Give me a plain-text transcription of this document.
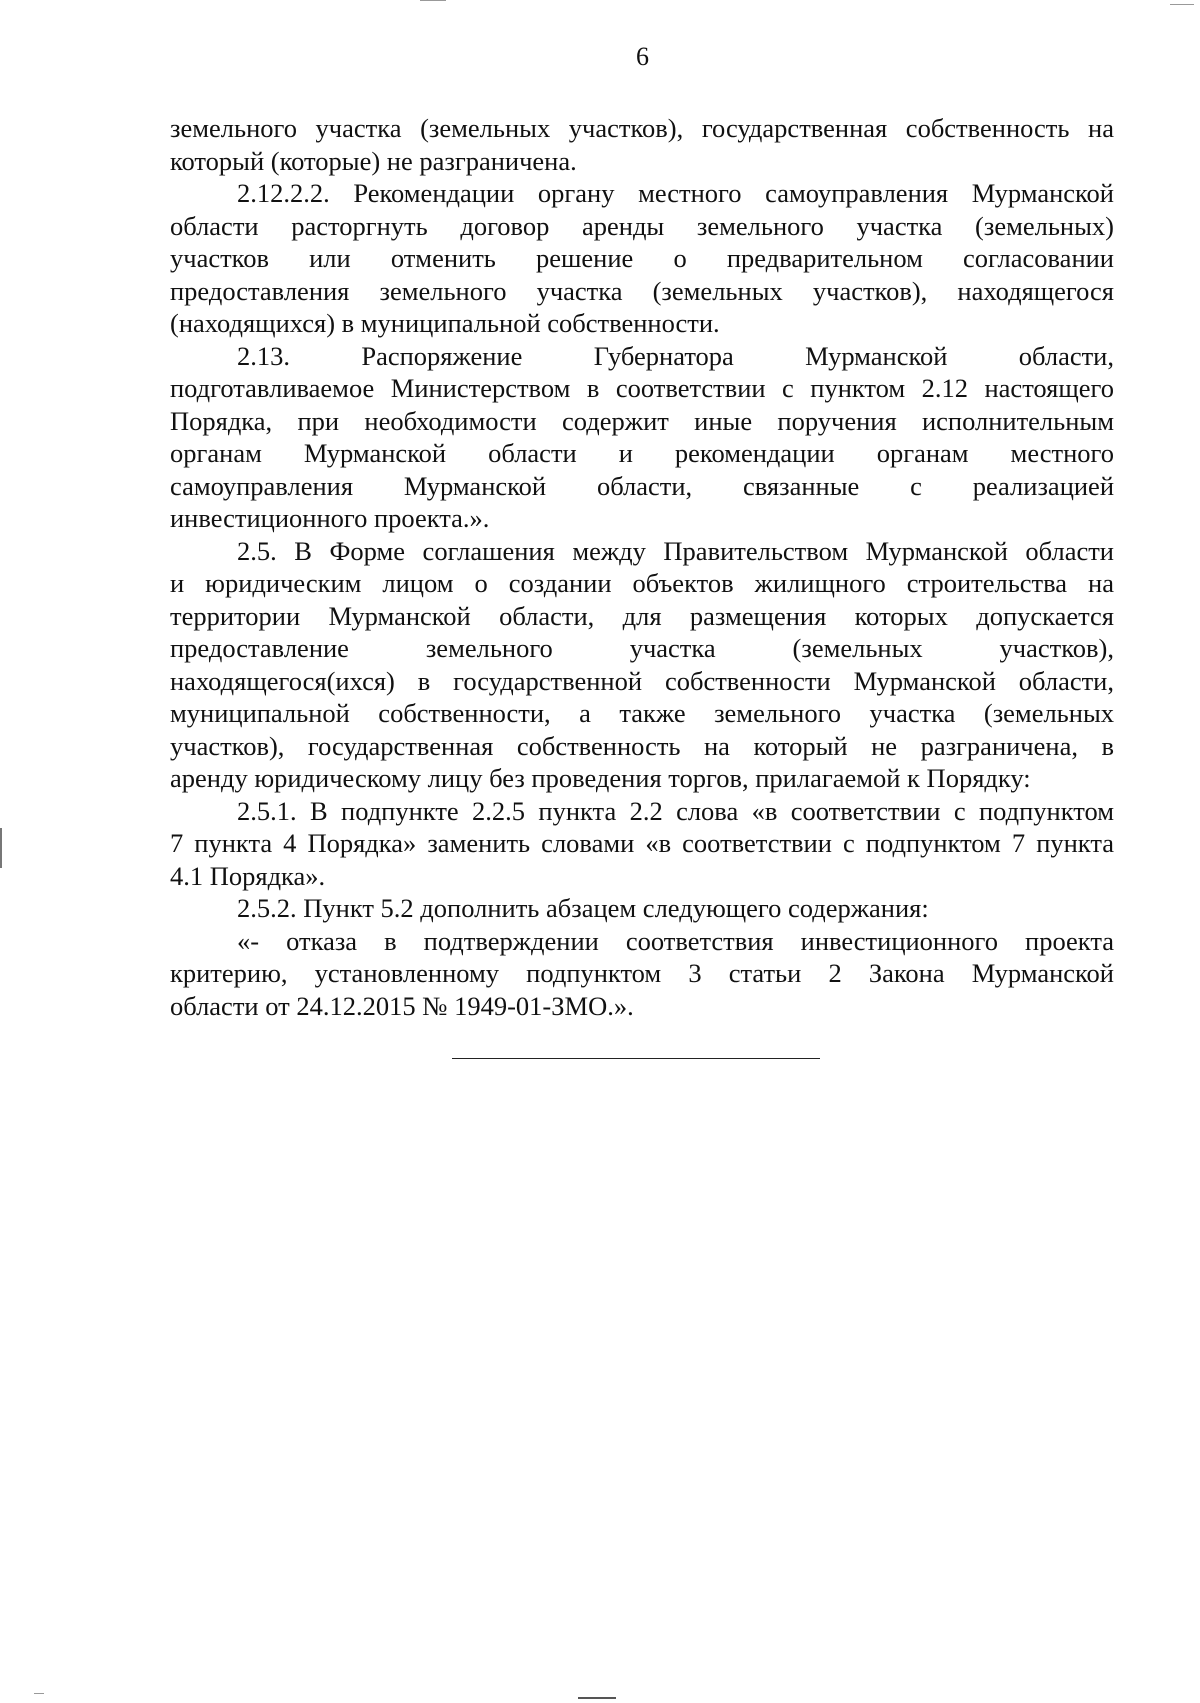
6
земельного участка (земельных участков), государственная собственность на
который (которые) не разграничена.
2.12.2.2. Рекомендации органу местного самоуправления Мурманской
области расторгнуть договор аренды земельного участка (земельных)
участков или отменить решение о предварительном согласовании
предоставления земельного участка (земельных участков), находящегося
(находящихся) в муниципальной собственности.
2.13. Распоряжение Губернатора Мурманской области,
подготавливаемое Министерством в соответствии с пунктом 2.12 настоящего
Порядка, при необходимости содержит иные поручения исполнительным
органам Мурманской области и рекомендации органам местного
самоуправления Мурманской области, связанные с реализацией
инвестиционного проекта.».
2.5. В Форме соглашения между Правительством Мурманской области
и юридическим лицом о создании объектов жилищного строительства на
территории Мурманской области, для размещения которых допускается
предоставление земельного участка (земельных участков),
находящегося(ихся) в государственной собственности Мурманской области,
муниципальной собственности, а также земельного участка (земельных
участков), государственная собственность на который не разграничена, в
аренду юридическому лицу без проведения торгов, прилагаемой к Порядку:
2.5.1. В подпункте 2.2.5 пункта 2.2 слова «в соответствии с подпунктом
7 пункта 4 Порядка» заменить словами «в соответствии с подпунктом 7 пункта
4.1 Порядка».
2.5.2. Пункт 5.2 дополнить абзацем следующего содержания:
«- отказа в подтверждении соответствия инвестиционного проекта
критерию, установленному подпунктом 3 статьи 2 Закона Мурманской
области от 24.12.2015 № 1949-01-ЗМО.».
